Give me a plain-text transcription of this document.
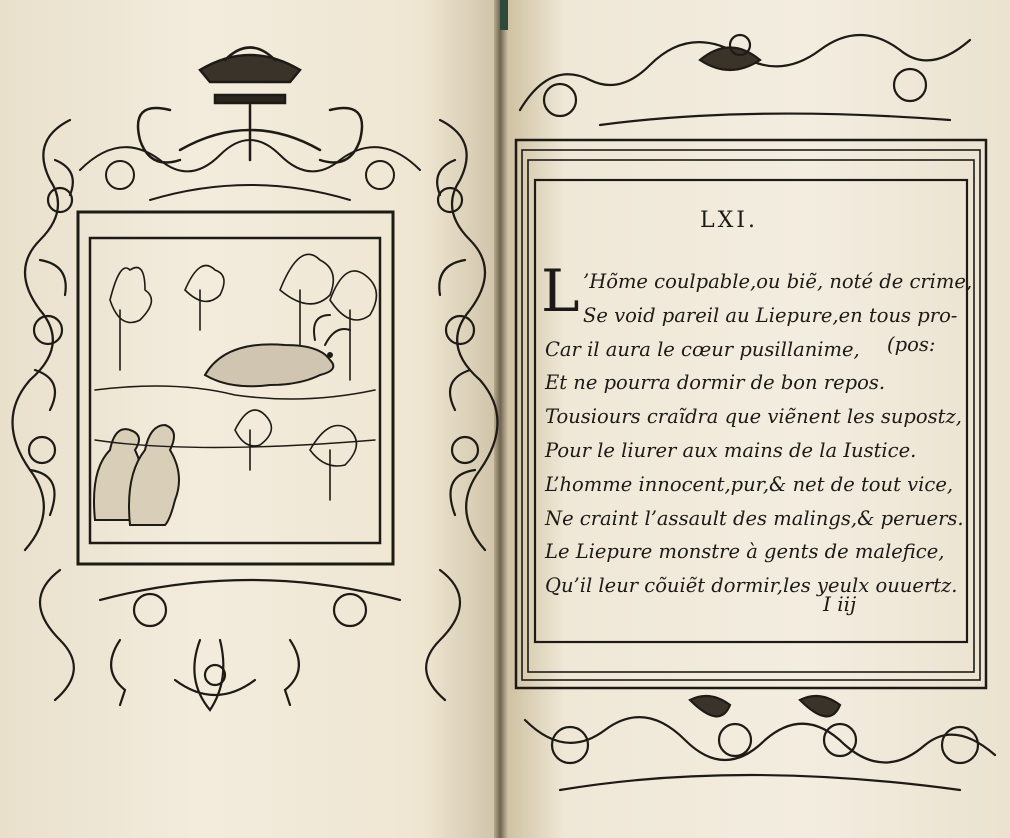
LXI.
L ’Hõme coulpable,ou biẽ, noté de crime,
Se void pareil au Liepure,en tous pro-
Car il aura le cœur pusillanime,
Et ne pourra dormir de bon repos.
Tousiours craĩdra que viẽnent les supostz,
Pour le liurer aux mains de la Iustice.
L’homme innocent,pur,& net de tout vice,
Ne craint l’assault des malings,& peruers.
Le Liepure monstre à gents de malefice,
Qu’il leur cõuiẽt dormir,les yeulx ouuertz.
(pos:
I iij
